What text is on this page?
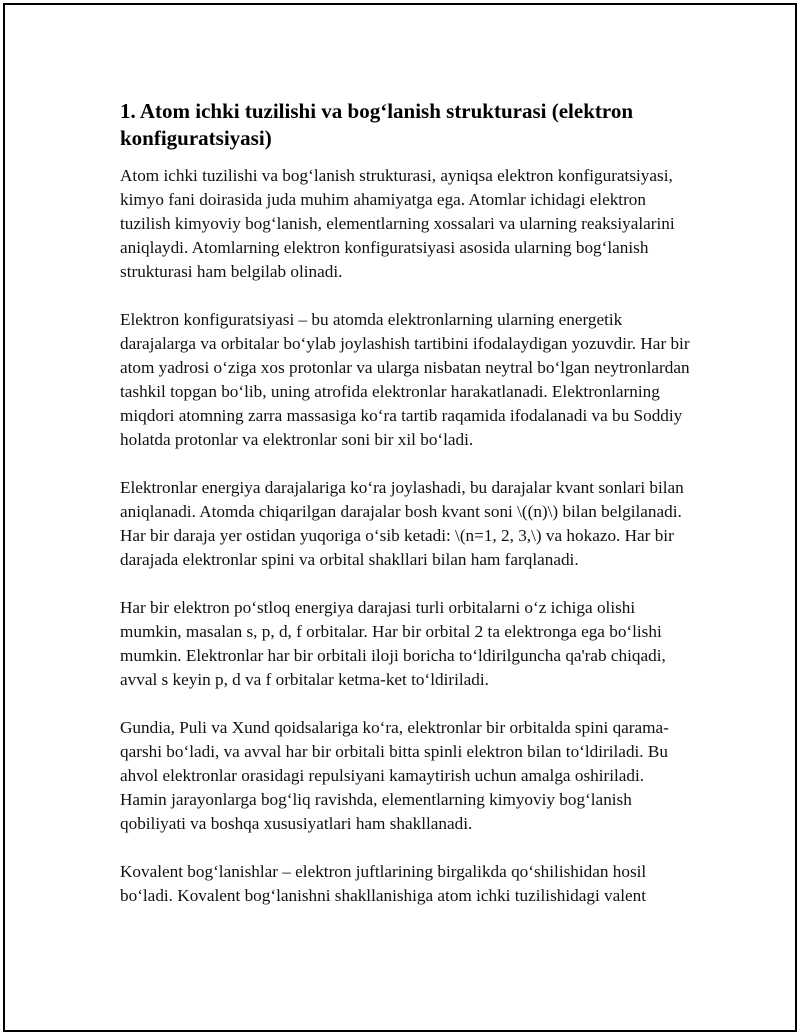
1. Atom ichki tuzilishi va bog‘lanish strukturasi (elektron konfiguratsiyasi)

Atom ichki tuzilishi va bog‘lanish strukturasi, ayniqsa elektron konfiguratsiyasi, kimyo fani doirasida juda muhim ahamiyatga ega. Atomlar ichidagi elektron tuzilish kimyoviy bog‘lanish, elementlarning xossalari va ularning reaksiyalarini aniqlaydi. Atomlarning elektron konfiguratsiyasi asosida ularning bog‘lanish strukturasi ham belgilab olinadi.

Elektron konfiguratsiyasi – bu atomda elektronlarning ularning energetik darajalarga va orbitalar bo‘ylab joylashish tartibini ifodalaydigan yozuvdir. Har bir atom yadrosi o‘ziga xos protonlar va ularga nisbatan neytral bo‘lgan neytronlardan tashkil topgan bo‘lib, uning atrofida elektronlar harakatlanadi. Elektronlarning miqdori atomning zarra massasiga ko‘ra tartib raqamida ifodalanadi va bu Soddiy holatda protonlar va elektronlar soni bir xil bo‘ladi.

Elektronlar energiya darajalariga ko‘ra joylashadi, bu darajalar kvant sonlari bilan aniqlanadi. Atomda chiqarilgan darajalar bosh kvant soni \((n)\) bilan belgilanadi. Har bir daraja yer ostidan yuqoriga o‘sib ketadi: \(n=1, 2, 3,\) va hokazo. Har bir darajada elektronlar spini va orbital shakllari bilan ham farqlanadi.

Har bir elektron po‘stloq energiya darajasi turli orbitalarni o‘z ichiga olishi mumkin, masalan s, p, d, f orbitalar. Har bir orbital 2 ta elektronga ega bo‘lishi mumkin. Elektronlar har bir orbitali iloji boricha to‘ldirilguncha qa'rab chiqadi, avval s keyin p, d va f orbitalar ketma-ket to‘ldiriladi.

Gundia, Puli va Xund qoidsalariga ko‘ra, elektronlar bir orbitalda spini qarama-qarshi bo‘ladi, va avval har bir orbitali bitta spinli elektron bilan to‘ldiriladi. Bu ahvol elektronlar orasidagi repulsiyani kamaytirish uchun amalga oshiriladi. Hamin jarayonlarga bog‘liq ravishda, elementlarning kimyoviy bog‘lanish qobiliyati va boshqa xususiyatlari ham shakllanadi.

Kovalent bog‘lanishlar – elektron juftlarining birgalikda qo‘shilishidan hosil bo‘ladi. Kovalent bog‘lanishni shakllanishiga atom ichki tuzilishidagi valent
